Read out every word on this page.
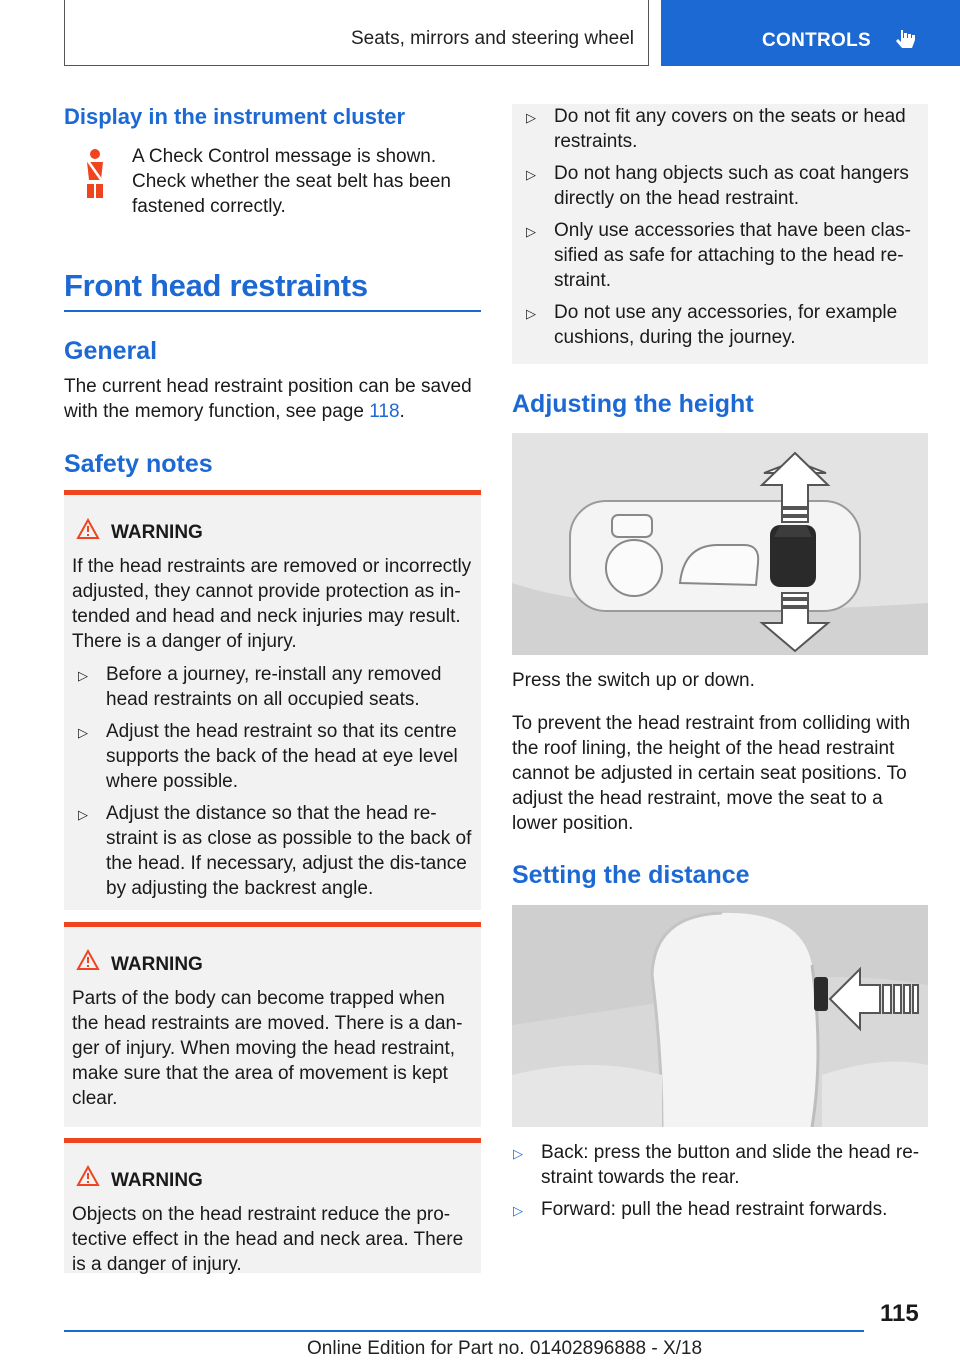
Seats, mirrors and steering wheel	CONTROLS
Display in the instrument cluster
A Check Control message is shown. Check whether the seat belt has been fastened correctly.
Front head restraints
General
The current head restraint position can be saved with the memory function, see page 118.
Safety notes
WARNING
If the head restraints are removed or incorrectly adjusted, they cannot provide protection as in-tended and head and neck injuries may result. There is a danger of injury.
▷ Before a journey, re-install any removed head restraints on all occupied seats.
▷ Adjust the head restraint so that its centre supports the back of the head at eye level where possible.
▷ Adjust the distance so that the head re-straint is as close as possible to the back of the head. If necessary, adjust the dis-tance by adjusting the backrest angle.
WARNING
Parts of the body can become trapped when the head restraints are moved. There is a dan-ger of injury. When moving the head restraint, make sure that the area of movement is kept clear.
WARNING
Objects on the head restraint reduce the pro-tective effect in the head and neck area. There is a danger of injury.
▷ Do not fit any covers on the seats or head restraints.
▷ Do not hang objects such as coat hangers directly on the head restraint.
▷ Only use accessories that have been clas-sified as safe for attaching to the head re-straint.
▷ Do not use any accessories, for example cushions, during the journey.
Adjusting the height
Press the switch up or down.
To prevent the head restraint from colliding with the roof lining, the height of the head restraint cannot be adjusted in certain seat positions. To adjust the head restraint, move the seat to a lower position.
Setting the distance
▷ Back: press the button and slide the head re-straint towards the rear.
▷ Forward: pull the head restraint forwards.
115
Online Edition for Part no. 01402896888 - X/18
